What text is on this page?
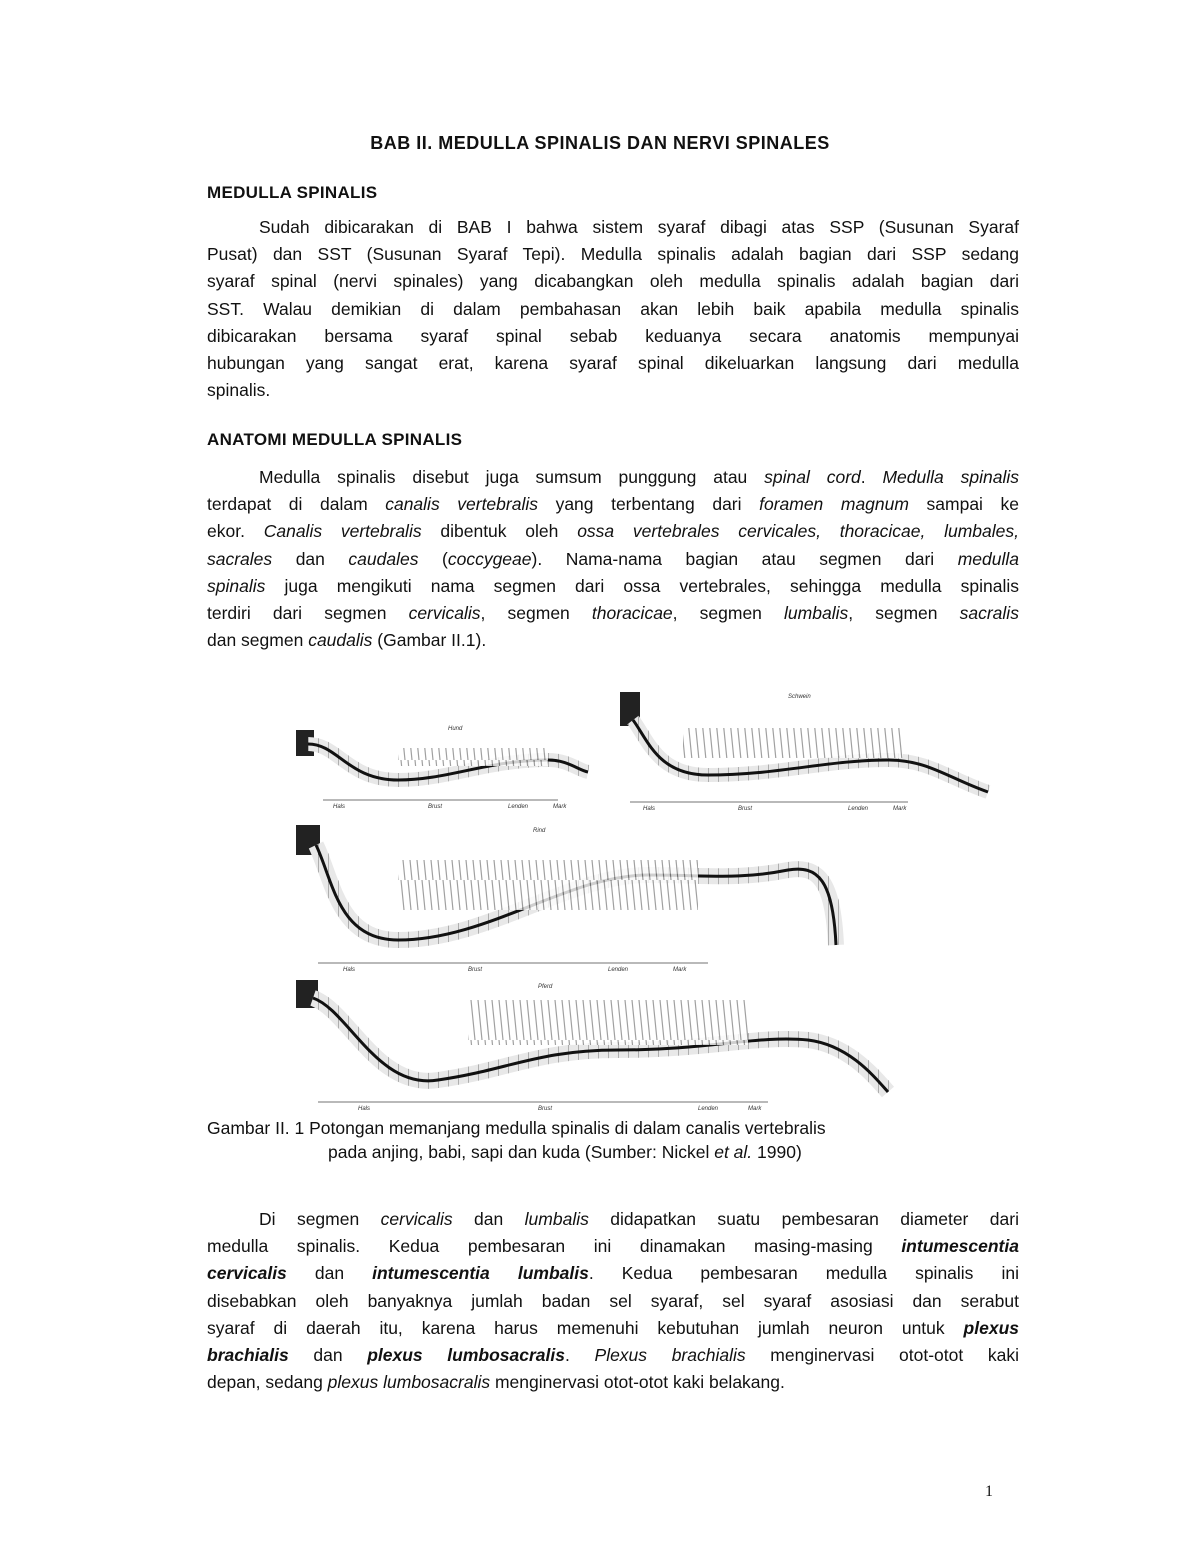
BAB II. MEDULLA SPINALIS DAN NERVI SPINALES
MEDULLA SPINALIS
Sudah dibicarakan di BAB I bahwa sistem syaraf dibagi atas SSP (Susunan Syaraf
Pusat) dan SST (Susunan Syaraf Tepi). Medulla spinalis adalah bagian dari SSP sedang
syaraf spinal (nervi spinales) yang dicabangkan oleh medulla spinalis adalah bagian dari
SST. Walau demikian di dalam pembahasan akan lebih baik apabila medulla spinalis
dibicarakan bersama syaraf spinal sebab keduanya secara anatomis mempunyai
hubungan yang sangat erat, karena syaraf spinal dikeluarkan langsung dari medulla
spinalis.
ANATOMI MEDULLA SPINALIS
Medulla spinalis disebut juga sumsum punggung atau spinal cord. Medulla spinalis
terdapat di dalam canalis vertebralis yang terbentang dari foramen magnum sampai ke
ekor. Canalis vertebralis dibentuk oleh ossa vertebrales cervicales, thoracicae, lumbales,
sacrales dan caudales (coccygeae). Nama-nama bagian atau segmen dari medulla
spinalis juga mengikuti nama segmen dari ossa vertebrales, sehingga medulla spinalis
terdiri dari segmen cervicalis, segmen thoracicae, segmen lumbalis, segmen sacralis
dan segmen caudalis (Gambar II.1).
Hund
Hals	Brust	Lenden	Mark
Schwein
Hals	Brust	Lenden	Mark
Rind
Hals	Brust	Lenden	Mark
Pferd
Hals	Brust	Lenden	Mark
Gambar II. 1 Potongan memanjang medulla spinalis di dalam canalis vertebralis
pada anjing, babi, sapi dan kuda (Sumber: Nickel et al. 1990)
Di segmen cervicalis dan lumbalis didapatkan suatu pembesaran diameter dari
medulla spinalis. Kedua pembesaran ini dinamakan masing-masing intumescentia
cervicalis dan intumescentia lumbalis. Kedua pembesaran medulla spinalis ini
disebabkan oleh banyaknya jumlah badan sel syaraf, sel syaraf asosiasi dan serabut
syaraf di daerah itu, karena harus memenuhi kebutuhan jumlah neuron untuk plexus
brachialis dan plexus lumbosacralis. Plexus brachialis menginervasi otot-otot kaki
depan, sedang plexus lumbosacralis menginervasi otot-otot kaki belakang.
1
